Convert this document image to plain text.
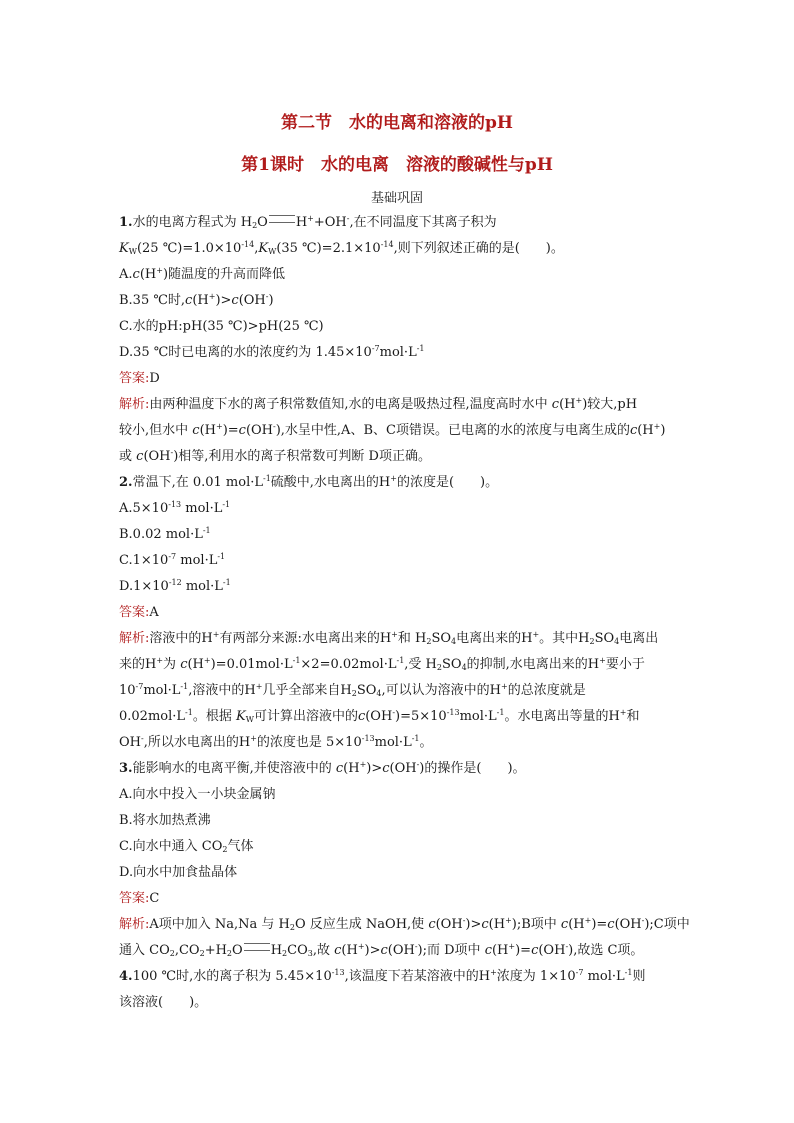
第二节　水的电离和溶液的pH
第1课时　水的电离　溶液的酸碱性与pH
基础巩固
1.水的电离方程式为 $H_2O$ H++OH-,在不同温度下其离子积为
$K_W(25$ $℃)=1.0\times 10^{-14},K_W(35$ $℃)=2.1\times 10^{-14}$,则下列叙述正确的是(　　)。
A.c(H+)随温度的升高而降低
B.35 ℃时,c(H+)>c(OH-)
C.水的pH:pH(35 ℃)>pH(25 ℃)
D.35 ℃时已电离的水的浓度约为 $1.45\times 10^{-7}mol\cdot L^{-1}$
答案:D
解析:由两种温度下水的离子积常数值知,水的电离是吸热过程,温度高时水中 c(H+)较大,pH
较小,但水中 c(H+)=c(OH-),水呈中性,A、B、C项错误。已电离的水的浓度与电离生成的c(H+)
或 c(OH-)相等,利用水的离子积常数可判断 D项正确。
2.常温下,在 0.01 $mol\cdot L^{-1}$硫酸中,水电离出的H+的浓度是(　　)。
$A.5\times 10^{-13}$ $mol\cdot L^{-1}$
B.0.02 $mol\cdot L^{-1}$
$C.1\times 10^{-7}$ $mol\cdot L^{-1}$
$D.1\times 10^{-12}$ $mol\cdot L^{-1}$
答案:A
解析:溶液中的H+有两部分来源:水电离出来的H+和 $H_2SO_4$电离出来的H+。其中$H_2SO_4$电离出
来的H+为 $c(H^+)=0.01mol\cdot L^{-1}\times 2=0.02mol\cdot L^{-1}$,受 $H_2SO_4$的抑制,水电离出来的H+要小于
$10^{-7}mol\cdot L^{-1}$,溶液中的H+几乎全部来自$H_2SO_4$,可以认为溶液中的H+的总浓度就是
$0.02mol\cdot L^{-1}$。根据 $K_W$可计算出溶液中的$c(OH^-)=5\times 10^{-13}mol\cdot L^{-1}$。水电离出等量的H+和
OH-,所以水电离出的H+的浓度也是 $5\times 10^{-13}mol\cdot L^{-1}$。
3.能影响水的电离平衡,并使溶液中的 c(H+)>c(OH-)的操作是(　　)。
A.向水中投入一小块金属钠
B.将水加热煮沸
C.向水中通入 $CO_2$气体
D.向水中加食盐晶体
答案:C
解析:A项中加入 Na,Na 与 $H_2O$ 反应生成 NaOH,使 c(OH-)>c(H+);B项中 c(H+)=c(OH-);C项中
通入 $CO_2,CO_2+H_2O$ $H_2CO_3$,故 c(H+)>c(OH-);而 D项中 c(H+)=c(OH-),故选 C项。
4.100 ℃时,水的离子积为 $5.45\times 10^{-13}$,该温度下若某溶液中的H+浓度为 $1\times 10^{-7}$ $mol\cdot L^{-1}$则
该溶液(　　)。
